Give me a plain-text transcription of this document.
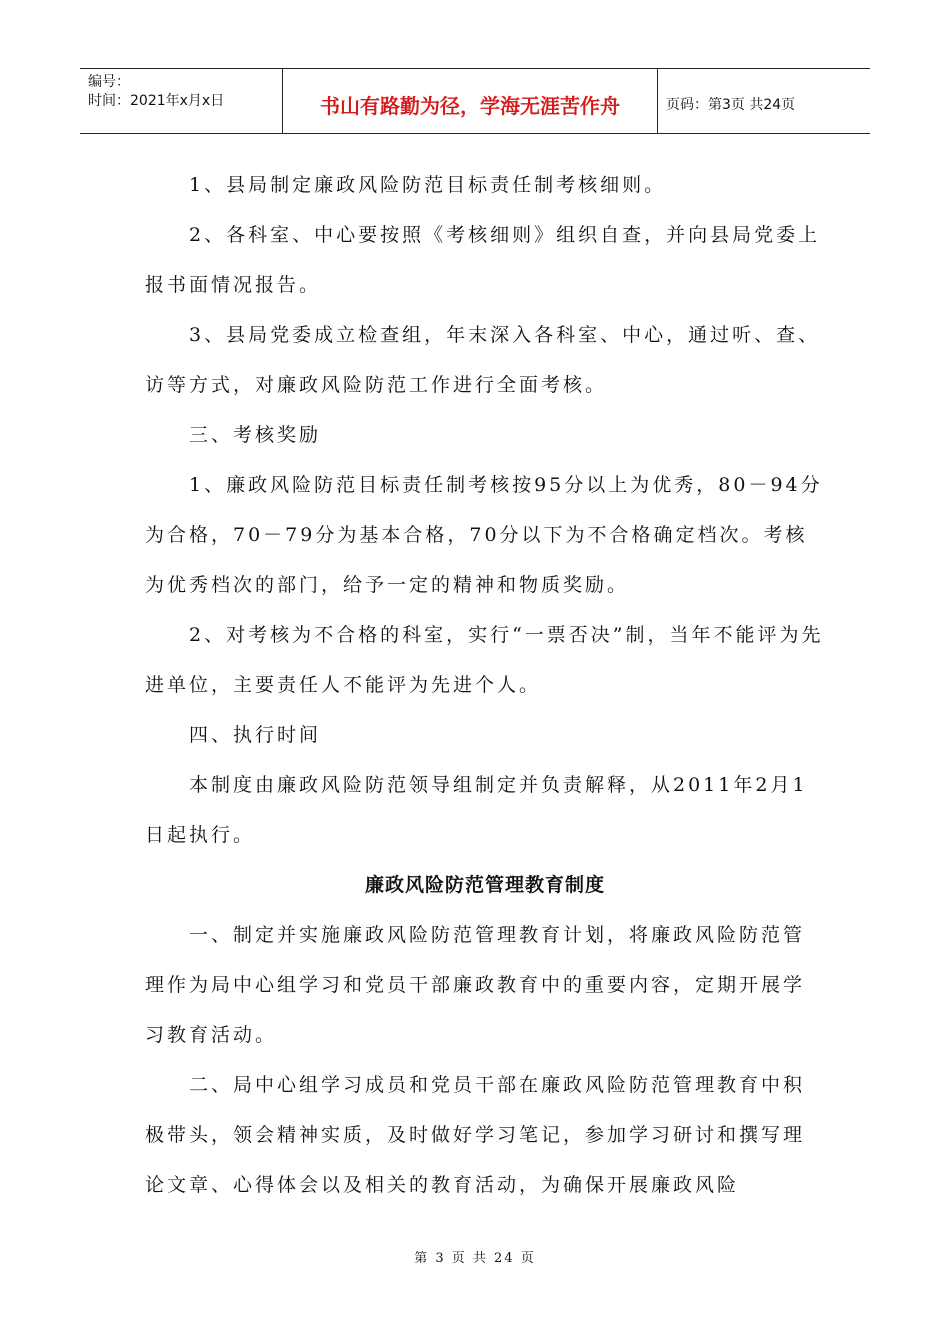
编号：
时间：2021年x月x日	书山有路勤为径，学海无涯苦作舟	页码：第3页 共24页

1、县局制定廉政风险防范目标责任制考核细则。

2、各科室、中心要按照《考核细则》组织自查，并向县局党委上报书面情况报告。

3、县局党委成立检查组，年末深入各科室、中心，通过听、查、访等方式，对廉政风险防范工作进行全面考核。

三、考核奖励

1、廉政风险防范目标责任制考核按95分以上为优秀，80－94分为合格，70－79分为基本合格，70分以下为不合格确定档次。考核为优秀档次的部门，给予一定的精神和物质奖励。

2、对考核为不合格的科室，实行“一票否决”制，当年不能评为先进单位，主要责任人不能评为先进个人。

四、执行时间

本制度由廉政风险防范领导组制定并负责解释，从2011年2月1日起执行。

廉政风险防范管理教育制度

一、制定并实施廉政风险防范管理教育计划，将廉政风险防范管理作为局中心组学习和党员干部廉政教育中的重要内容，定期开展学习教育活动。

二、局中心组学习成员和党员干部在廉政风险防范管理教育中积极带头，领会精神实质，及时做好学习笔记，参加学习研讨和撰写理论文章、心得体会以及相关的教育活动，为确保开展廉政风险

第 3 页 共 24 页
